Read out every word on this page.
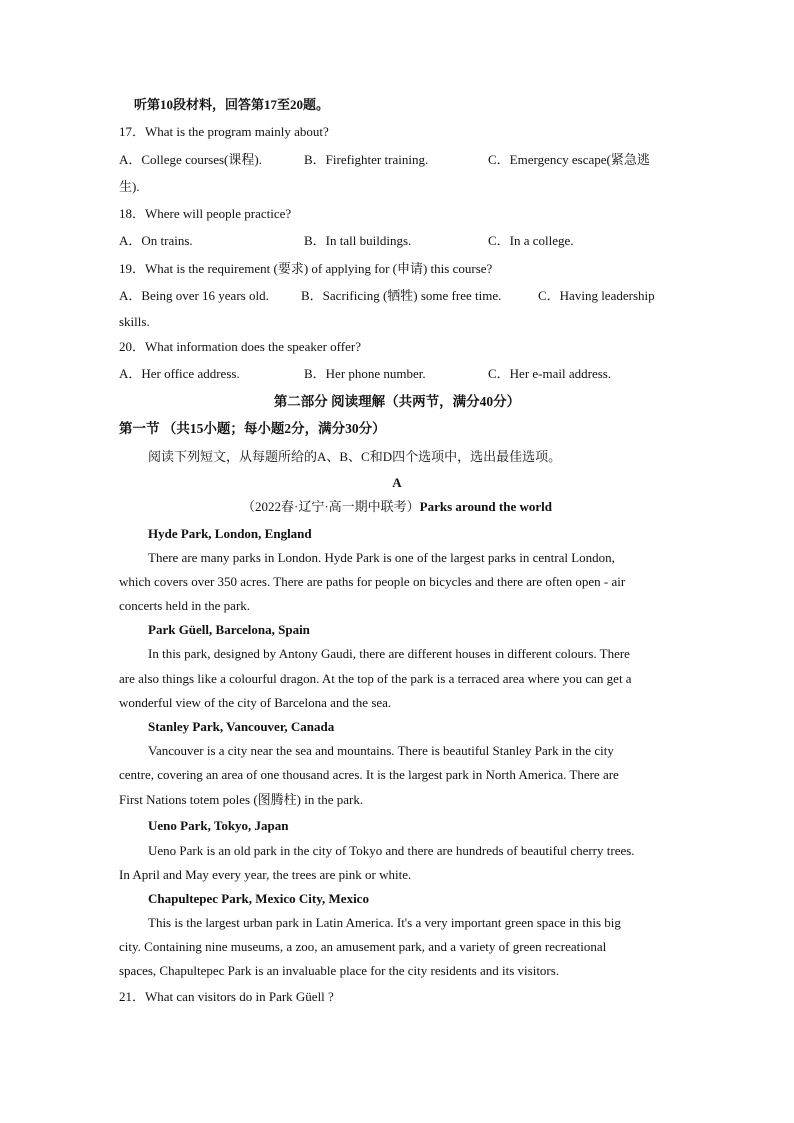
听第10段材料，回答第17至20题。
17．What is the program mainly about?
A．College courses(课程).	B．Firefighter training.	C．Emergency escape(紧急逃
生).
18．Where will people practice?
A．On trains.	B．In tall buildings.	C．In a college.
19．What is the requirement (要求) of applying for (申请) this course?
A．Being over 16 years old.	B．Sacrificing (牺牲) some free time.	C．Having leadership
skills.
20．What information does the speaker offer?
A．Her office address.	B．Her phone number.	C．Her e-mail address.
第二部分 阅读理解（共两节，满分40分）
第一节 （共15小题；每小题2分，满分30分）
阅读下列短文，从每题所给的A、B、C和D四个选项中，选出最佳选项。
A
（2022春·辽宁·高一期中联考）Parks around the world
Hyde Park, London, England
There are many parks in London. Hyde Park is one of the largest parks in central London,
which covers over 350 acres. There are paths for people on bicycles and there are often open - air
concerts held in the park.
Park Güell, Barcelona, Spain
In this park, designed by Antony Gaudi, there are different houses in different colours. There
are also things like a colourful dragon. At the top of the park is a terraced area where you can get a
wonderful view of the city of Barcelona and the sea.
Stanley Park, Vancouver, Canada
Vancouver is a city near the sea and mountains. There is beautiful Stanley Park in the city
centre, covering an area of one thousand acres. It is the largest park in North America. There are
First Nations totem poles (图腾柱) in the park.
Ueno Park, Tokyo, Japan
Ueno Park is an old park in the city of Tokyo and there are hundreds of beautiful cherry trees.
In April and May every year, the trees are pink or white.
Chapultepec Park, Mexico City, Mexico
This is the largest urban park in Latin America. It's a very important green space in this big
city. Containing nine museums, a zoo, an amusement park, and a variety of green recreational
spaces, Chapultepec Park is an invaluable place for the city residents and its visitors.
21．What can visitors do in Park Güell ?
